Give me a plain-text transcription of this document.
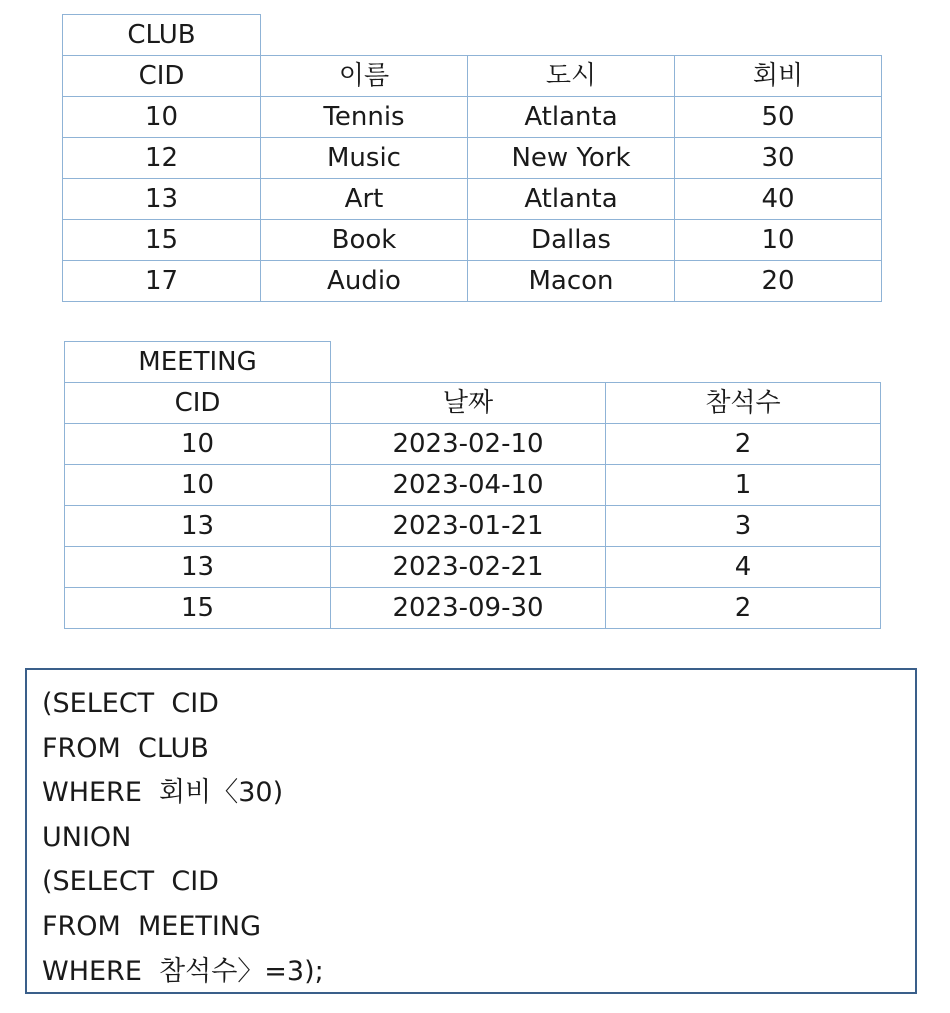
CLUB			
CID	이름	도시	회비
10	Tennis	Atlanta	50
12	Music	New York	30
13	Art	Atlanta	40
15	Book	Dallas	10
17	Audio	Macon	20
MEETING		
CID	날짜	참석수
10	2023-02-10	2
10	2023-04-10	1
13	2023-01-21	3
13	2023-02-21	4
15	2023-09-30	2
(SELECT  CID
FROM  CLUB
WHERE  회비〈30)
UNION
(SELECT  CID
FROM  MEETING
WHERE  참석수〉=3);
